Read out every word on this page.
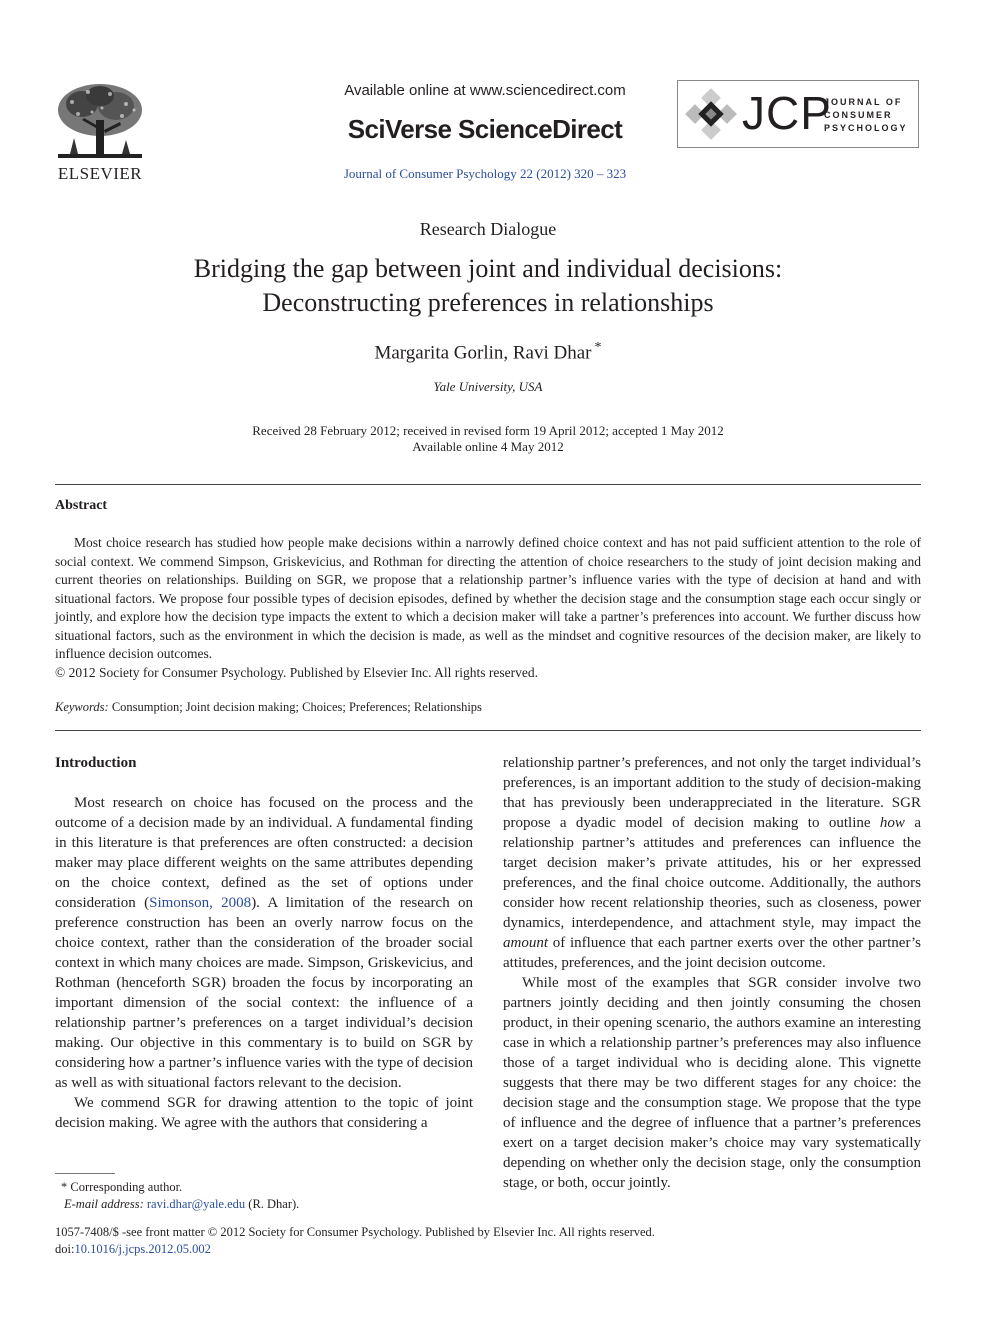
ELSEVIER
Available online at www.sciencedirect.com
SciVerse ScienceDirect
Journal of Consumer Psychology 22 (2012) 320 – 323
JCP
JOURNAL OF
CONSUMER
PSYCHOLOGY
Research Dialogue
Bridging the gap between joint and individual decisions:
Deconstructing preferences in relationships
Margarita Gorlin, Ravi Dhar *
Yale University, USA
Received 28 February 2012; received in revised form 19 April 2012; accepted 1 May 2012
Available online 4 May 2012
Abstract
Most choice research has studied how people make decisions within a narrowly defined choice context and has not paid sufficient attention to the role of social context. We commend Simpson, Griskevicius, and Rothman for directing the attention of choice researchers to the study of joint decision making and current theories on relationships. Building on SGR, we propose that a relationship partner’s influence varies with the type of decision at hand and with situational factors. We propose four possible types of decision episodes, defined by whether the decision stage and the consumption stage each occur singly or jointly, and explore how the decision type impacts the extent to which a decision maker will take a partner’s preferences into account. We further discuss how situational factors, such as the environment in which the decision is made, as well as the mindset and cognitive resources of the decision maker, are likely to influence decision outcomes.
© 2012 Society for Consumer Psychology. Published by Elsevier Inc. All rights reserved.
Keywords: Consumption; Joint decision making; Choices; Preferences; Relationships
Introduction

Most research on choice has focused on the process and the outcome of a decision made by an individual. A fundamental finding in this literature is that preferences are often constructed: a decision maker may place different weights on the same attributes depending on the choice context, defined as the set of options under consideration (Simonson, 2008). A limitation of the research on preference construction has been an overly narrow focus on the choice context, rather than the consideration of the broader social context in which many choices are made. Simpson, Griskevicius, and Rothman (henceforth SGR) broaden the focus by incorporating an important dimension of the social context: the influence of a relationship partner’s preferences on a target individual’s decision making. Our objective in this commentary is to build on SGR by considering how a partner’s influence varies with the type of decision as well as with situational factors relevant to the decision.

We commend SGR for drawing attention to the topic of joint decision making. We agree with the authors that considering a

relationship partner’s preferences, and not only the target individual’s preferences, is an important addition to the study of decision-making that has previously been underappreciated in the literature. SGR propose a dyadic model of decision making to outline how a relationship partner’s attitudes and preferences can influence the target decision maker’s private attitudes, his or her expressed preferences, and the final choice outcome. Additionally, the authors consider how recent relationship theories, such as closeness, power dynamics, interdependence, and attachment style, may impact the amount of influence that each partner exerts over the other partner’s attitudes, preferences, and the joint decision outcome.

While most of the examples that SGR consider involve two partners jointly deciding and then jointly consuming the chosen product, in their opening scenario, the authors examine an interesting case in which a relationship partner’s preferences may also influence those of a target individual who is deciding alone. This vignette suggests that there may be two different stages for any choice: the decision stage and the consumption stage. We propose that the type of influence and the degree of influence that a partner’s preferences exert on a target decision maker’s choice may vary systematically depending on whether only the decision stage, only the consumption stage, or both, occur jointly.

* Corresponding author.
E-mail address: ravi.dhar@yale.edu (R. Dhar).
1057-7408/$ -see front matter © 2012 Society for Consumer Psychology. Published by Elsevier Inc. All rights reserved.
doi:10.1016/j.jcps.2012.05.002
